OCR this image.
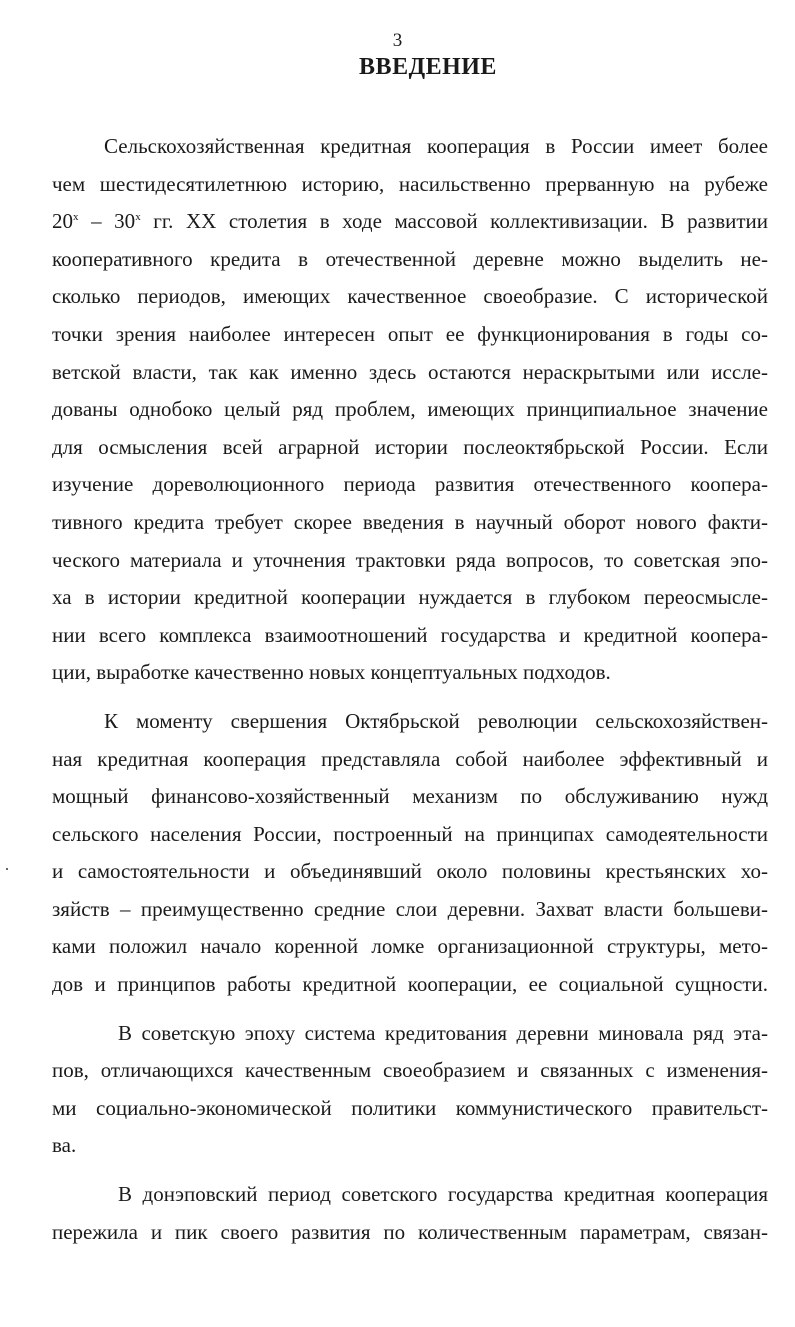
3
ВВЕДЕНИЕ
Сельскохозяйственная кредитная кооперация в России имеет более
чем шестидесятилетнюю историю, насильственно прерванную на рубеже
$20^х - 30^х$ гг. XX столетия в ходе массовой коллективизации. В развитии
кооперативного кредита в отечественной деревне можно выделить не-
сколько периодов, имеющих качественное своеобразие. С исторической
точки зрения наиболее интересен опыт ее функционирования в годы со-
ветской власти, так как именно здесь остаются нераскрытыми или иссле-
дованы однобоко целый ряд проблем, имеющих принципиальное значение
для осмысления всей аграрной истории послеоктябрьской России. Если
изучение дореволюционного периода развития отечественного коопера-
тивного кредита требует скорее введения в научный оборот нового факти-
ческого материала и уточнения трактовки ряда вопросов, то советская эпо-
ха в истории кредитной кооперации нуждается в глубоком переосмысле-
нии всего комплекса взаимоотношений государства и кредитной коопера-
ции, выработке качественно новых концептуальных подходов.
К моменту свершения Октябрьской революции сельскохозяйствен-
ная кредитная кооперация представляла собой наиболее эффективный и
мощный финансово-хозяйственный механизм по обслуживанию нужд
сельского населения России, построенный на принципах самодеятельности
и самостоятельности и объединявший около половины крестьянских хо-
зяйств – преимущественно средние слои деревни. Захват власти большеви-
ками положил начало коренной ломке организационной структуры, мето-
дов и принципов работы кредитной кооперации, ее социальной сущности.
В советскую эпоху система кредитования деревни миновала ряд эта-
пов, отличающихся качественным своеобразием и связанных с изменения-
ми социально-экономической политики коммунистического правительст-
ва.
В донэповский период советского государства кредитная кооперация
пережила и пик своего развития по количественным параметрам, связан-
